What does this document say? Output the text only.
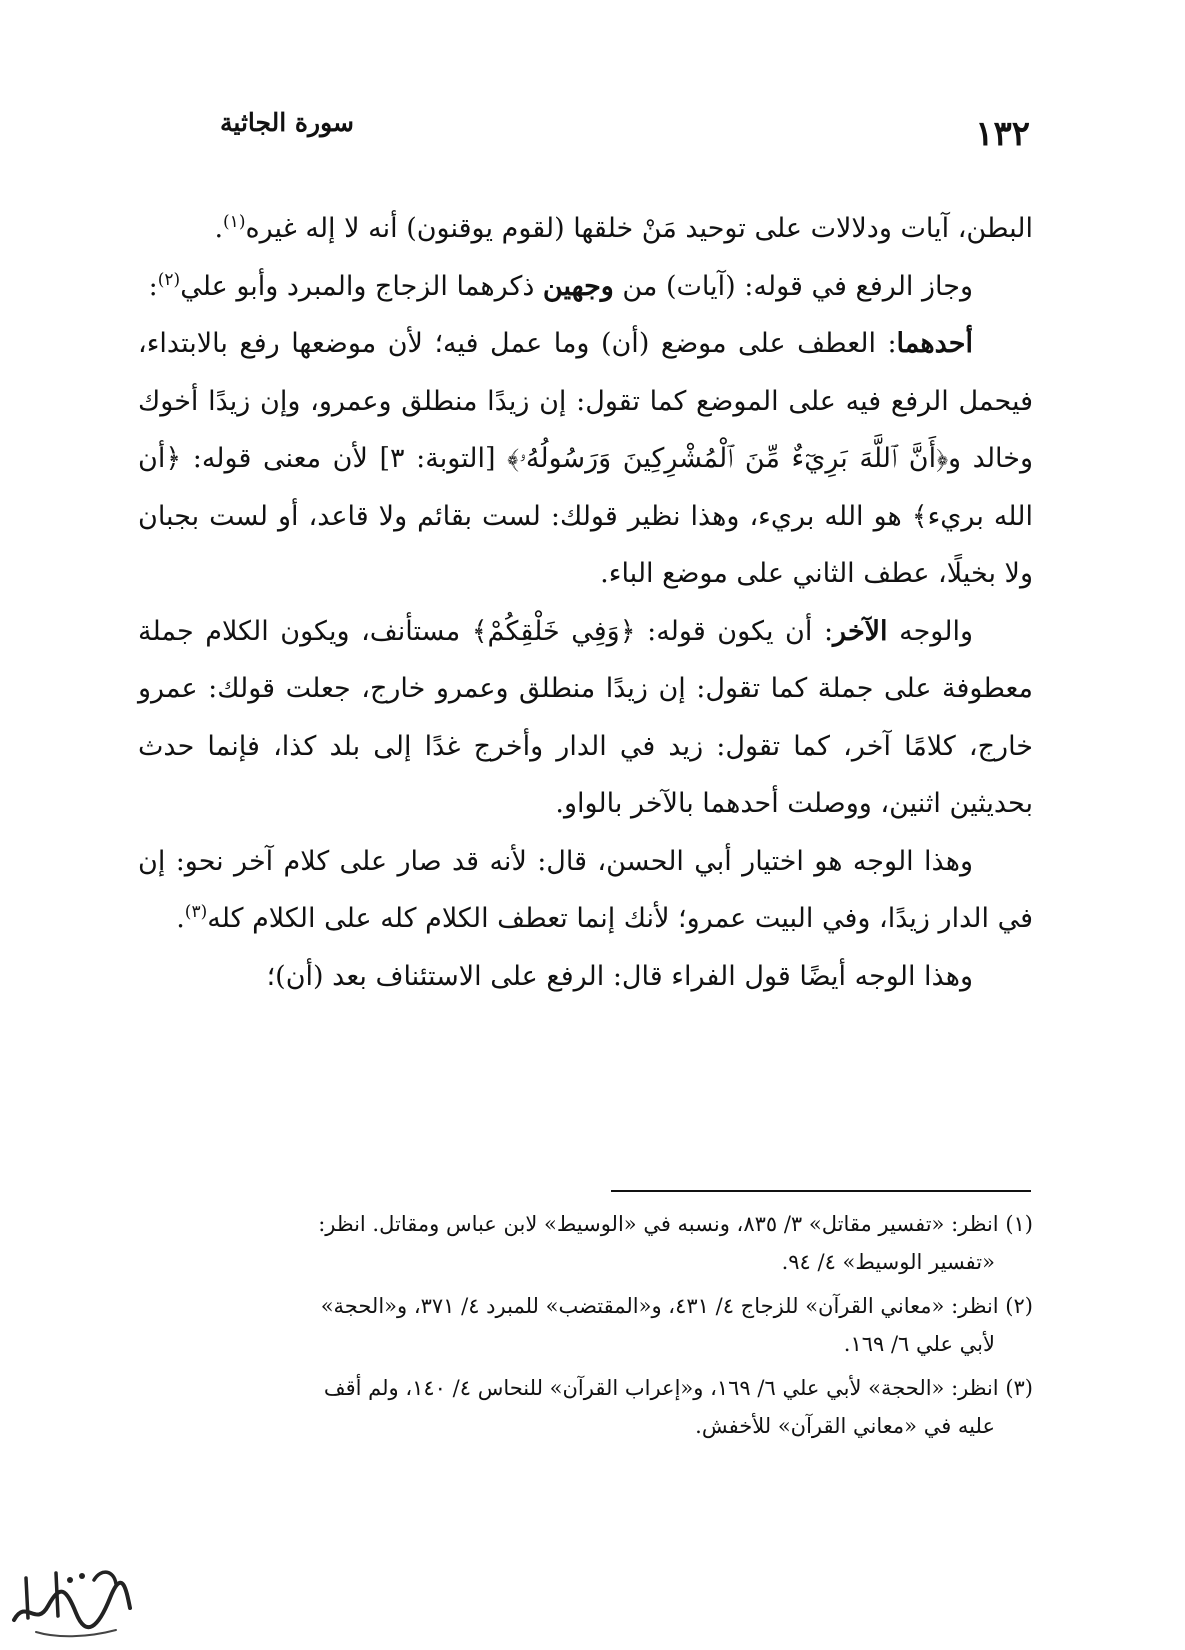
١٣٢
سورة الجاثية

البطن، آيات ودلالات على توحيد مَنْ خلقها (لقوم يوقنون) أنه لا إله غيره$^{(١)}$.

وجاز الرفع في قوله: (آيات) من وجهين ذكرهما الزجاج والمبرد وأبو علي$^{(٢)}$:

أحدهما: العطف على موضع (أن) وما عمل فيه؛ لأن موضعها رفع بالابتداء، فيحمل الرفع فيه على الموضع كما تقول: إن زيدًا منطلق وعمرو، وإن زيدًا أخوك وخالد و﴿أَنَّ ٱللَّهَ بَرِيٓءٌ مِّنَ ٱلْمُشْرِكِينَ وَرَسُولُهُۥ﴾ [التوبة: ٣] لأن معنى قوله: ﴿أن الله بريء﴾ هو الله بريء، وهذا نظير قولك: لست بقائم ولا قاعد، أو لست بجبان ولا بخيلًا، عطف الثاني على موضع الباء.

والوجه الآخر: أن يكون قوله: ﴿وَفِي خَلْقِكُمْ﴾ مستأنف، ويكون الكلام جملة معطوفة على جملة كما تقول: إن زيدًا منطلق وعمرو خارج، جعلت قولك: عمرو خارج، كلامًا آخر، كما تقول: زيد في الدار وأخرج غدًا إلى بلد كذا، فإنما حدث بحديثين اثنين، ووصلت أحدهما بالآخر بالواو.

وهذا الوجه هو اختيار أبي الحسن، قال: لأنه قد صار على كلام آخر نحو: إن في الدار زيدًا، وفي البيت عمرو؛ لأنك إنما تعطف الكلام كله على الكلام كله$^{(٣)}$.

وهذا الوجه أيضًا قول الفراء قال: الرفع على الاستئناف بعد (أن)؛

(١) انظر: «تفسير مقاتل» ٣/ ٨٣٥، ونسبه في «الوسيط» لابن عباس ومقاتل. انظر:
«تفسير الوسيط» ٤/ ٩٤.

(٢) انظر: «معاني القرآن» للزجاج ٤/ ٤٣١، و«المقتضب» للمبرد ٤/ ٣٧١، و«الحجة»
لأبي علي ٦/ ١٦٩.

(٣) انظر: «الحجة» لأبي علي ٦/ ١٦٩، و«إعراب القرآن» للنحاس ٤/ ١٤٠، ولم أقف
عليه في «معاني القرآن» للأخفش.
